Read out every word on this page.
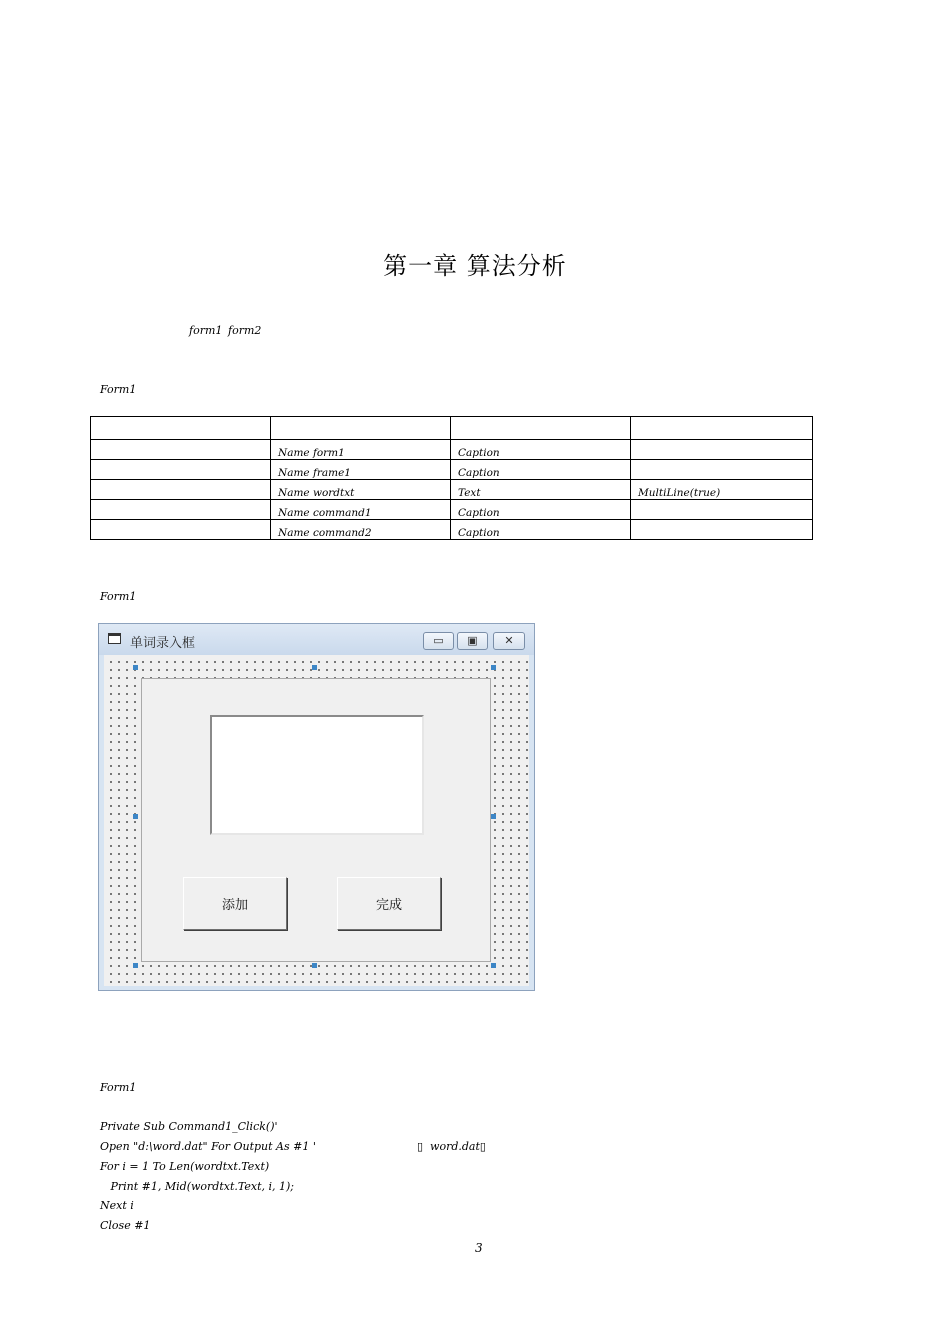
第一章 算法分析
form1 form2
Form1

	Name form1	Caption	
	Name frame1	Caption	
	Name wordtxt	Text	MultiLine(true)
	Name command1	Caption	
	Name command2	Caption	
Form1
单词录入框	▭	▣	✕
添加	完成
Form1
Private Sub Command1_Click()'
Open "d:\word.dat" For Output As #1 '	▯  word.dat▯
For i = 1 To Len(wordtxt.Text)
Print #1, Mid(wordtxt.Text, i, 1);
Next i
Close #1
3
